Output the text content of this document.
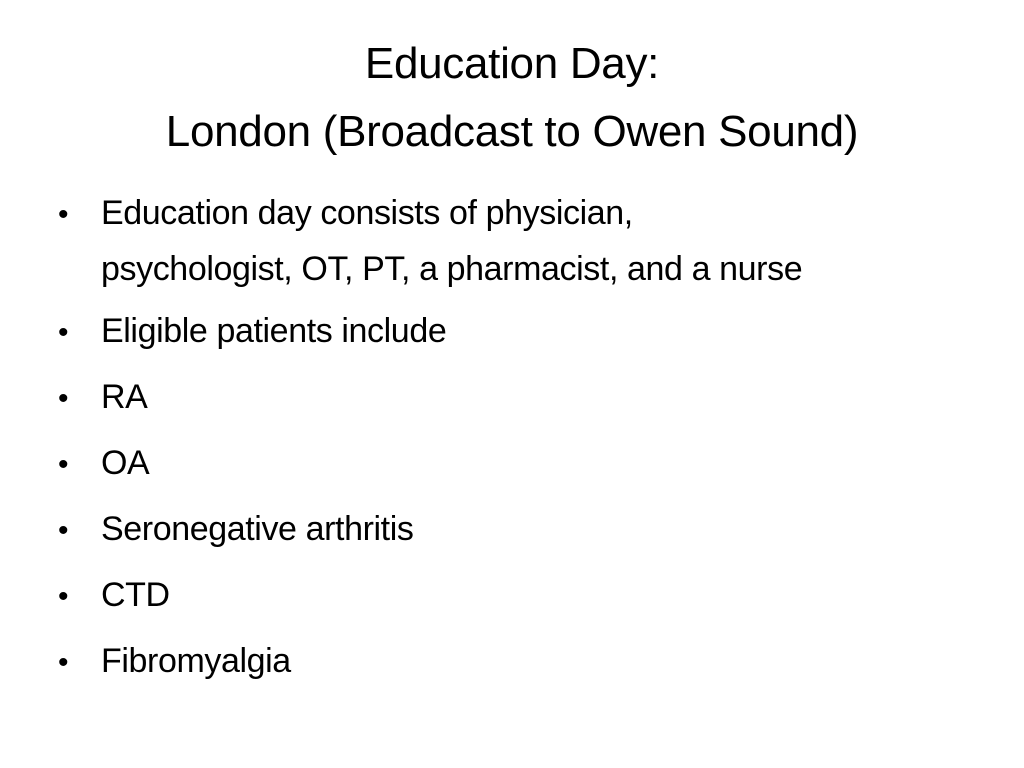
Education Day:
London (Broadcast to Owen Sound)
• Education day consists of physician,
psychologist, OT, PT, a pharmacist, and a nurse
• Eligible patients include
• RA
• OA
• Seronegative arthritis
• CTD
• Fibromyalgia
